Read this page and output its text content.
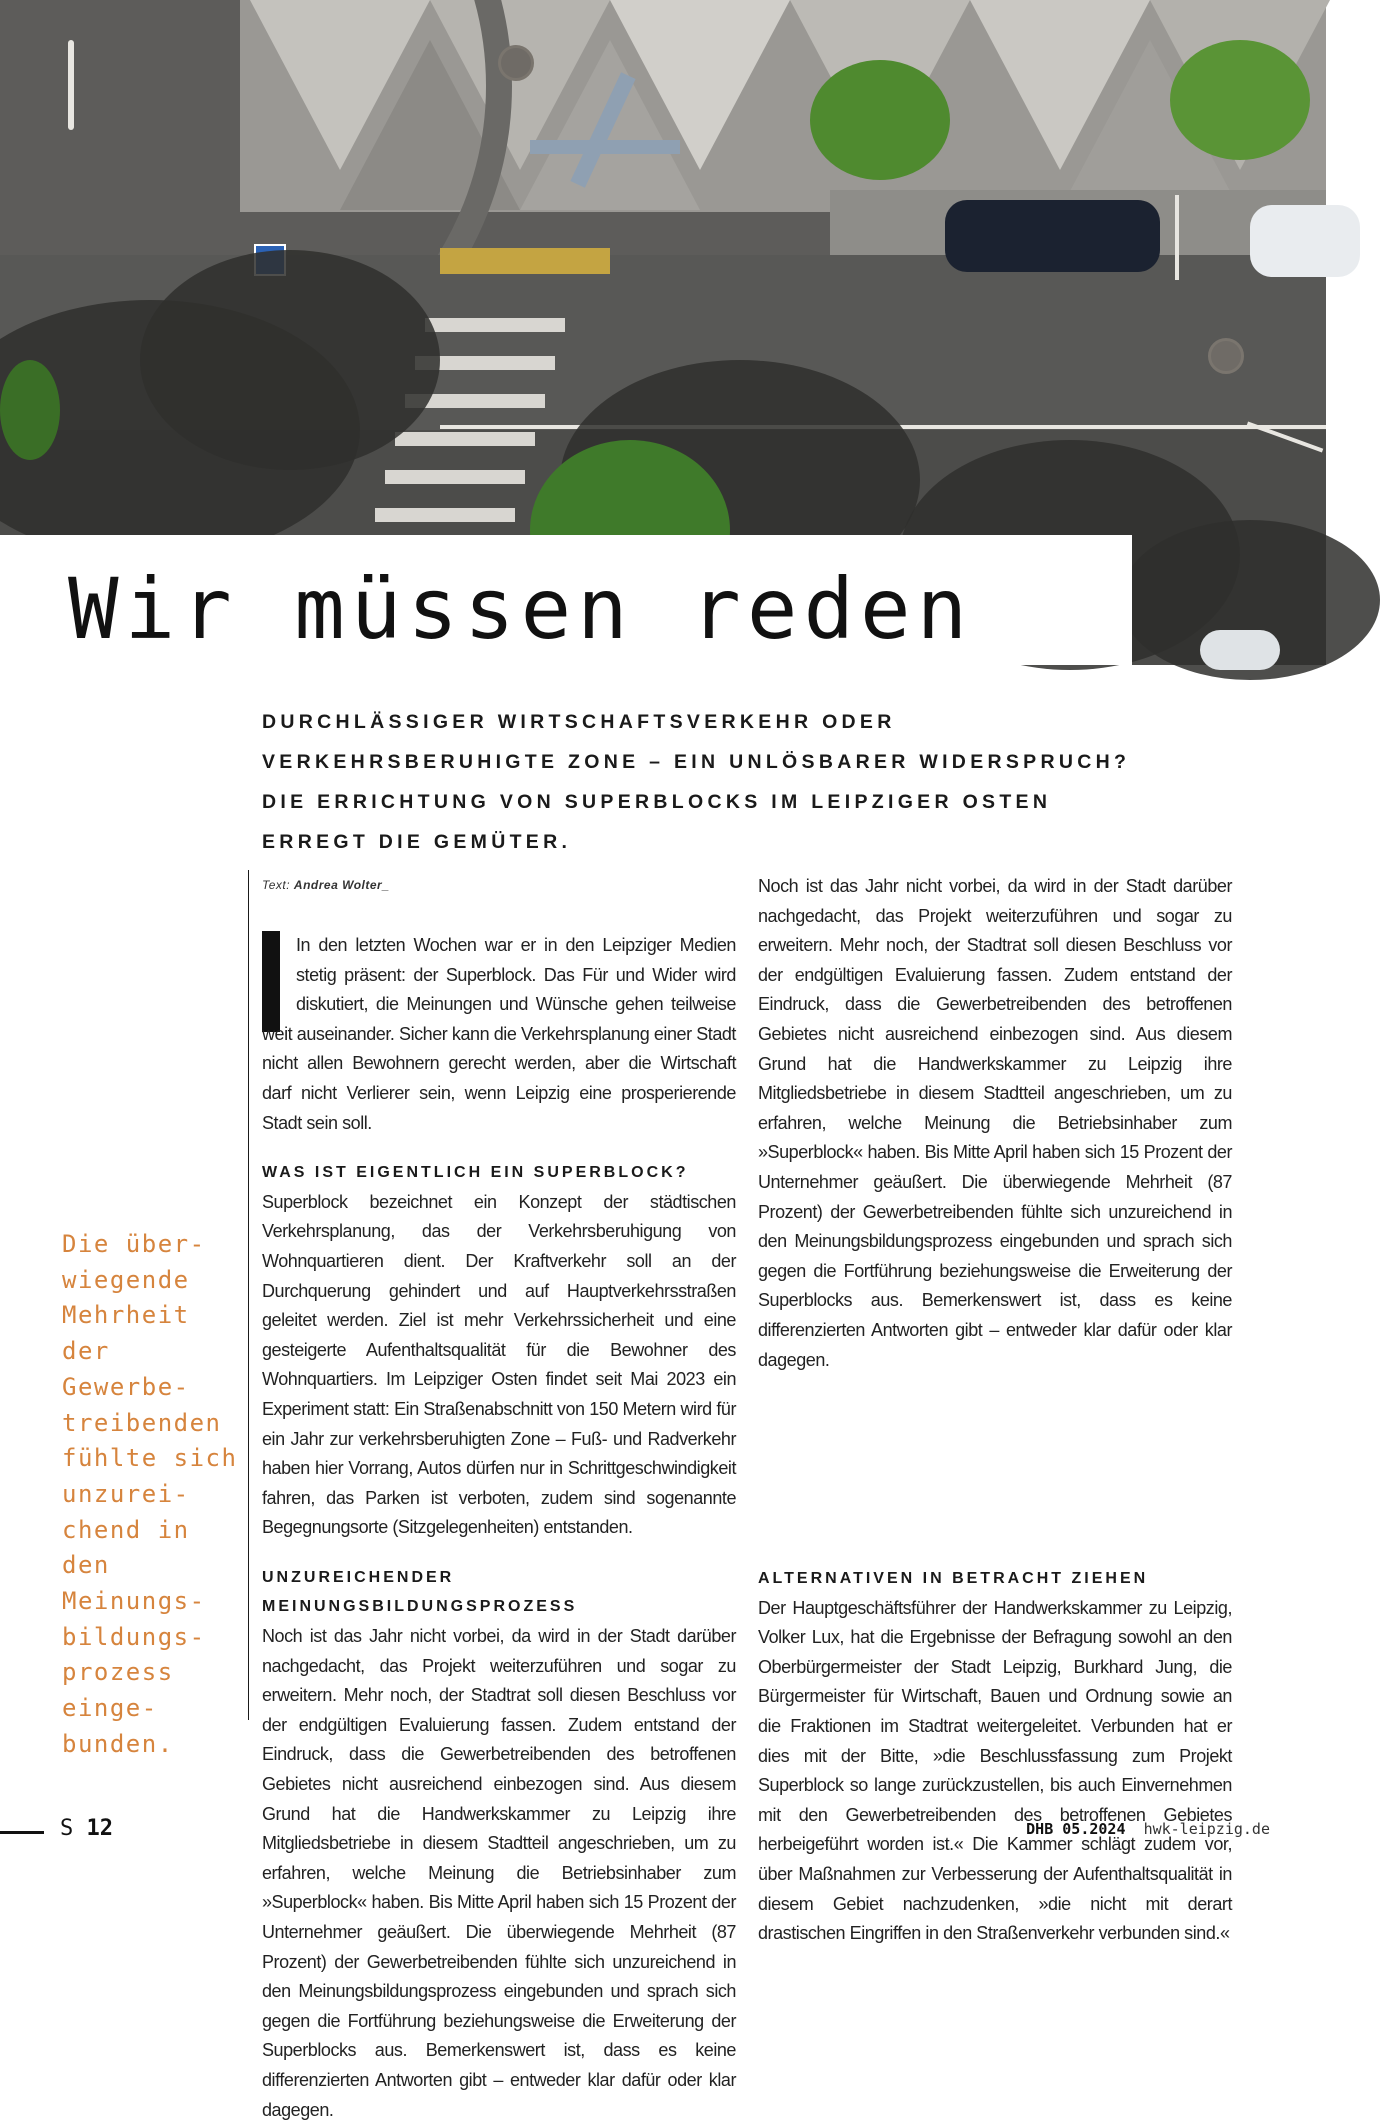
Wir müssen reden

DURCHLÄSSIGER WIRTSCHAFTSVERKEHR ODER VERKEHRSBERUHIGTE ZONE – EIN UNLÖSBARER WIDERSPRUCH? DIE ERRICHTUNG VON SUPERBLOCKS IM LEIPZIGER OSTEN ERREGT DIE GEMÜTER.

Die über-
wiegende
Mehrheit
der
Gewerbe-
treibenden
fühlte sich
unzurei-
chend in den
Meinungs-
bildungs-
prozess
einge-
bunden.

Text: Andrea Wolter_

In den letzten Wochen war er in den Leipziger Medien stetig präsent: der Superblock. Das Für und Wider wird diskutiert, die Meinungen und Wünsche gehen teilweise weit auseinander. Sicher kann die Verkehrsplanung einer Stadt nicht allen Bewohnern gerecht werden, aber die Wirtschaft darf nicht Verlierer sein, wenn Leipzig eine prosperierende Stadt sein soll.

WAS IST EIGENTLICH EIN SUPERBLOCK?

Superblock bezeichnet ein Konzept der städtischen Verkehrsplanung, das der Verkehrsberuhigung von Wohnquartieren dient. Der Kraftverkehr soll an der Durchquerung gehindert und auf Hauptverkehrsstraßen geleitet werden. Ziel ist mehr Verkehrssicherheit und eine gesteigerte Aufenthaltsqualität für die Bewohner des Wohnquartiers. Im Leipziger Osten findet seit Mai 2023 ein Experiment statt: Ein Straßenabschnitt von 150 Metern wird für ein Jahr zur verkehrsberuhigten Zone – Fuß- und Radverkehr haben hier Vorrang, Autos dürfen nur in Schrittgeschwindigkeit fahren, das Parken ist verboten, zudem sind sogenannte Begegnungsorte (Sitzgelegenheiten) entstanden.

UNZUREICHENDER MEINUNGSBILDUNGSPROZESS

Noch ist das Jahr nicht vorbei, da wird in der Stadt darüber nachgedacht, das Projekt weiterzuführen und sogar zu erweitern. Mehr noch, der Stadtrat soll diesen Beschluss vor der endgültigen Evaluierung fassen. Zudem entstand der Eindruck, dass die Gewerbetreibenden des betroffenen Gebietes nicht ausreichend einbezogen sind. Aus diesem Grund hat die Handwerkskammer zu Leipzig ihre Mitgliedsbetriebe in diesem Stadtteil angeschrieben, um zu erfahren, welche Meinung die Betriebsinhaber zum »Superblock« haben. Bis Mitte April haben sich 15 Prozent der Unternehmer geäußert. Die überwiegende Mehrheit (87 Prozent) der Gewerbetreibenden fühlte sich unzureichend in den Meinungsbildungsprozess eingebunden und sprach sich gegen die Fortführung beziehungsweise die Erweiterung der Superblocks aus. Bemerkenswert ist, dass es keine differenzierten Antworten gibt – entweder klar dafür oder klar dagegen.

Noch ist das Jahr nicht vorbei, da wird in der Stadt darüber nachgedacht, das Projekt weiterzuführen und sogar zu erweitern. Mehr noch, der Stadtrat soll diesen Beschluss vor der endgültigen Evaluierung fassen. Zudem entstand der Eindruck, dass die Gewerbetreibenden des betroffenen Gebietes nicht ausreichend einbezogen sind. Aus diesem Grund hat die Handwerkskammer zu Leipzig ihre Mitgliedsbetriebe in diesem Stadtteil angeschrieben, um zu erfahren, welche Meinung die Betriebsinhaber zum »Superblock« haben. Bis Mitte April haben sich 15 Prozent der Unternehmer geäußert. Die überwiegende Mehrheit (87 Prozent) der Gewerbetreibenden fühlte sich unzureichend in den Meinungsbildungsprozess eingebunden und sprach sich gegen die Fortführung beziehungsweise die Erweiterung der Superblocks aus. Bemerkenswert ist, dass es keine differenzierten Antworten gibt – entweder klar dafür oder klar dagegen.

ALTERNATIVEN IN BETRACHT ZIEHEN

Der Hauptgeschäftsführer der Handwerkskammer zu Leipzig, Volker Lux, hat die Ergebnisse der Befragung sowohl an den Oberbürgermeister der Stadt Leipzig, Burkhard Jung, die Bürgermeister für Wirtschaft, Bauen und Ordnung sowie an die Fraktionen im Stadtrat weitergeleitet. Verbunden hat er dies mit der Bitte, »die Beschlussfassung zum Projekt Superblock so lange zurückzustellen, bis auch Einvernehmen mit den Gewerbetreibenden des betroffenen Gebietes herbeigeführt worden ist.« Die Kammer schlägt zudem vor, über Maßnahmen zur Verbesserung der Aufenthaltsqualität in diesem Gebiet nachzudenken, »die nicht mit derart drastischen Eingriffen in den Straßenverkehr verbunden sind.«

S 12	DHB 05.2024 hwk-leipzig.de
